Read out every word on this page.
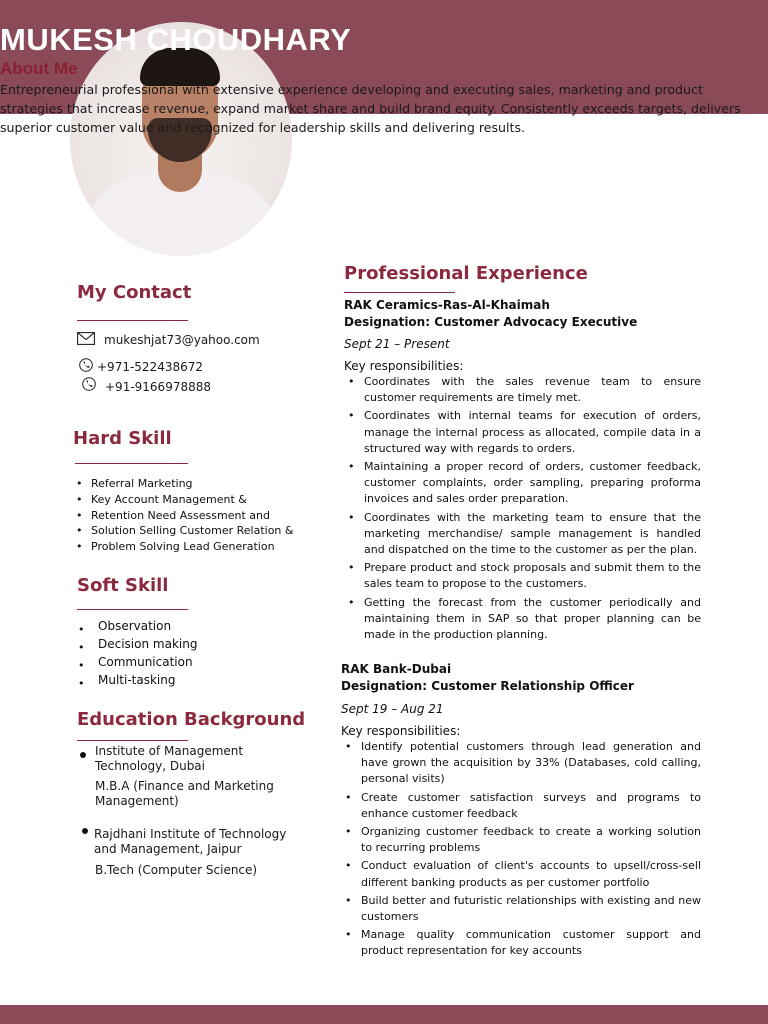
MUKESH CHOUDHARY
About Me

Entrepreneurial professional with extensive experience developing and executing sales, marketing and product strategies that increase revenue, expand market share and build brand equity. Consistently exceeds targets, delivers superior customer value and recognized for leadership skills and delivering results.

My Contact
mukeshjat73@yahoo.com
+971-522438672
+91-9166978888
Hard Skill
• Referral Marketing
• Key Account Management &
• Retention Need Assessment and
• Solution Selling Customer Relation &
• Problem Solving Lead Generation
Soft Skill
• Observation
• Decision making
• Communication
• Multi-tasking
Education Background

Institute of Management Technology, Dubai

M.B.A (Finance and Marketing Management)

Rajdhani Institute of Technology and Management, Jaipur

B.Tech (Computer Science)

Professional Experience

RAK Ceramics-Ras-Al-Khaimah

Designation: Customer Advocacy Executive

Sept 21 – Present

Key responsibilities:

• Coordinates with the sales revenue team to ensure customer requirements are timely met.
• Coordinates with internal teams for execution of orders, manage the internal process as allocated, compile data in a structured way with regards to orders.
• Maintaining a proper record of orders, customer feedback, customer complaints, order sampling, preparing proforma invoices and sales order preparation.
• Coordinates with the marketing team to ensure that the marketing merchandise/ sample management is handled and dispatched on the time to the customer as per the plan.
• Prepare product and stock proposals and submit them to the sales team to propose to the customers.
• Getting the forecast from the customer periodically and maintaining them in SAP so that proper planning can be made in the production planning.

RAK Bank-Dubai

Designation: Customer Relationship Officer

Sept 19 – Aug 21

Key responsibilities:

• Identify potential customers through lead generation and have grown the acquisition by 33% (Databases, cold calling, personal visits)
• Create customer satisfaction surveys and programs to enhance customer feedback
• Organizing customer feedback to create a working solution to recurring problems
• Conduct evaluation of client's accounts to upsell/cross-sell different banking products as per customer portfolio
• Build better and futuristic relationships with existing and new customers
• Manage quality communication customer support and product representation for key accounts
